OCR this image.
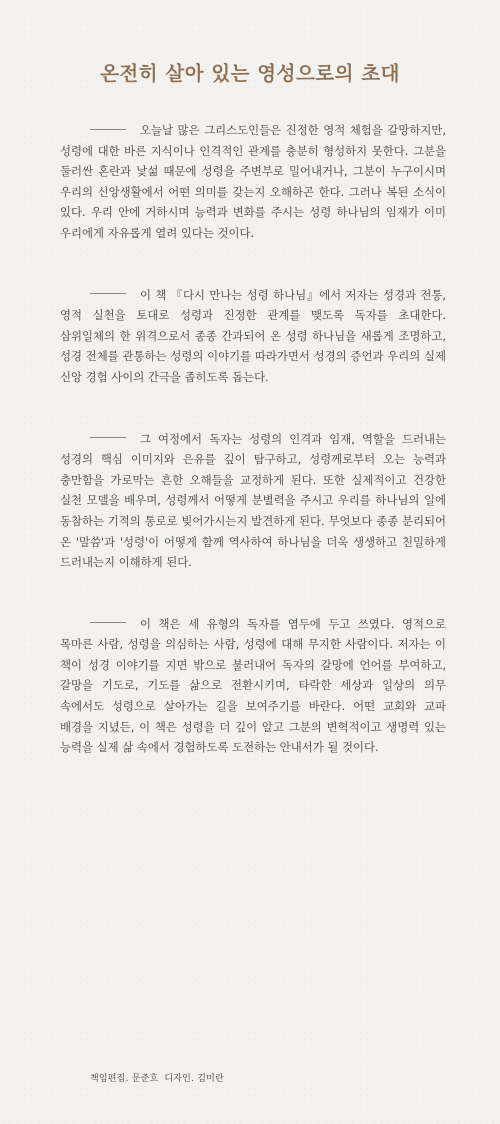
온전히 살아 있는 영성으로의 초대

오늘날 많은 그리스도인들은 진정한 영적 체험을 갈망하지만, 성령에 대한 바른 지식이나 인격적인 관계를 충분히 형성하지 못한다. 그분을 둘러싼 혼란과 낯섦 때문에 성령을 주변부로 밀어내거나, 그분이 누구이시며 우리의 신앙생활에서 어떤 의미를 갖는지 오해하곤 한다. 그러나 복된 소식이 있다. 우리 안에 거하시며 능력과 변화를 주시는 성령 하나님의 임재가 이미 우리에게 자유롭게 열려 있다는 것이다.

이 책 『다시 만나는 성령 하나님』에서 저자는 성경과 전통, 영적 실천을 토대로 성령과 진정한 관계를 맺도록 독자를 초대한다. 삼위일체의 한 위격으로서 종종 간과되어 온 성령 하나님을 새롭게 조명하고, 성경 전체를 관통하는 성령의 이야기를 따라가면서 성경의 증언과 우리의 실제 신앙 경험 사이의 간극을 좁히도록 돕는다.

그 여정에서 독자는 성령의 인격과 임재, 역할을 드러내는 성경의 핵심 이미지와 은유를 깊이 탐구하고, 성령께로부터 오는 능력과 충만함을 가로막는 흔한 오해들을 교정하게 된다. 또한 실제적이고 건강한 실천 모델을 배우며, 성령께서 어떻게 분별력을 주시고 우리를 하나님의 일에 동참하는 기적의 통로로 빚어가시는지 발견하게 된다. 무엇보다 종종 분리되어 온 '말씀'과 '성령'이 어떻게 함께 역사하여 하나님을 더욱 생생하고 친밀하게 드러내는지 이해하게 된다.

이 책은 세 유형의 독자를 염두에 두고 쓰였다. 영적으로 목마른 사람, 성령을 의심하는 사람, 성령에 대해 무지한 사람이다. 저자는 이 책이 성경 이야기를 지면 밖으로 불러내어 독자의 갈망에 언어를 부여하고, 갈망을 기도로, 기도를 삶으로 전환시키며, 타락한 세상과 일상의 의무 속에서도 성령으로 살아가는 길을 보여주기를 바란다. 어떤 교회와 교파 배경을 지녔든, 이 책은 성령을 더 깊이 알고 그분의 변혁적이고 생명력 있는 능력을 실제 삶 속에서 경험하도록 도전하는 안내서가 될 것이다.

책임편집. 문준호 디자인. 김미란
